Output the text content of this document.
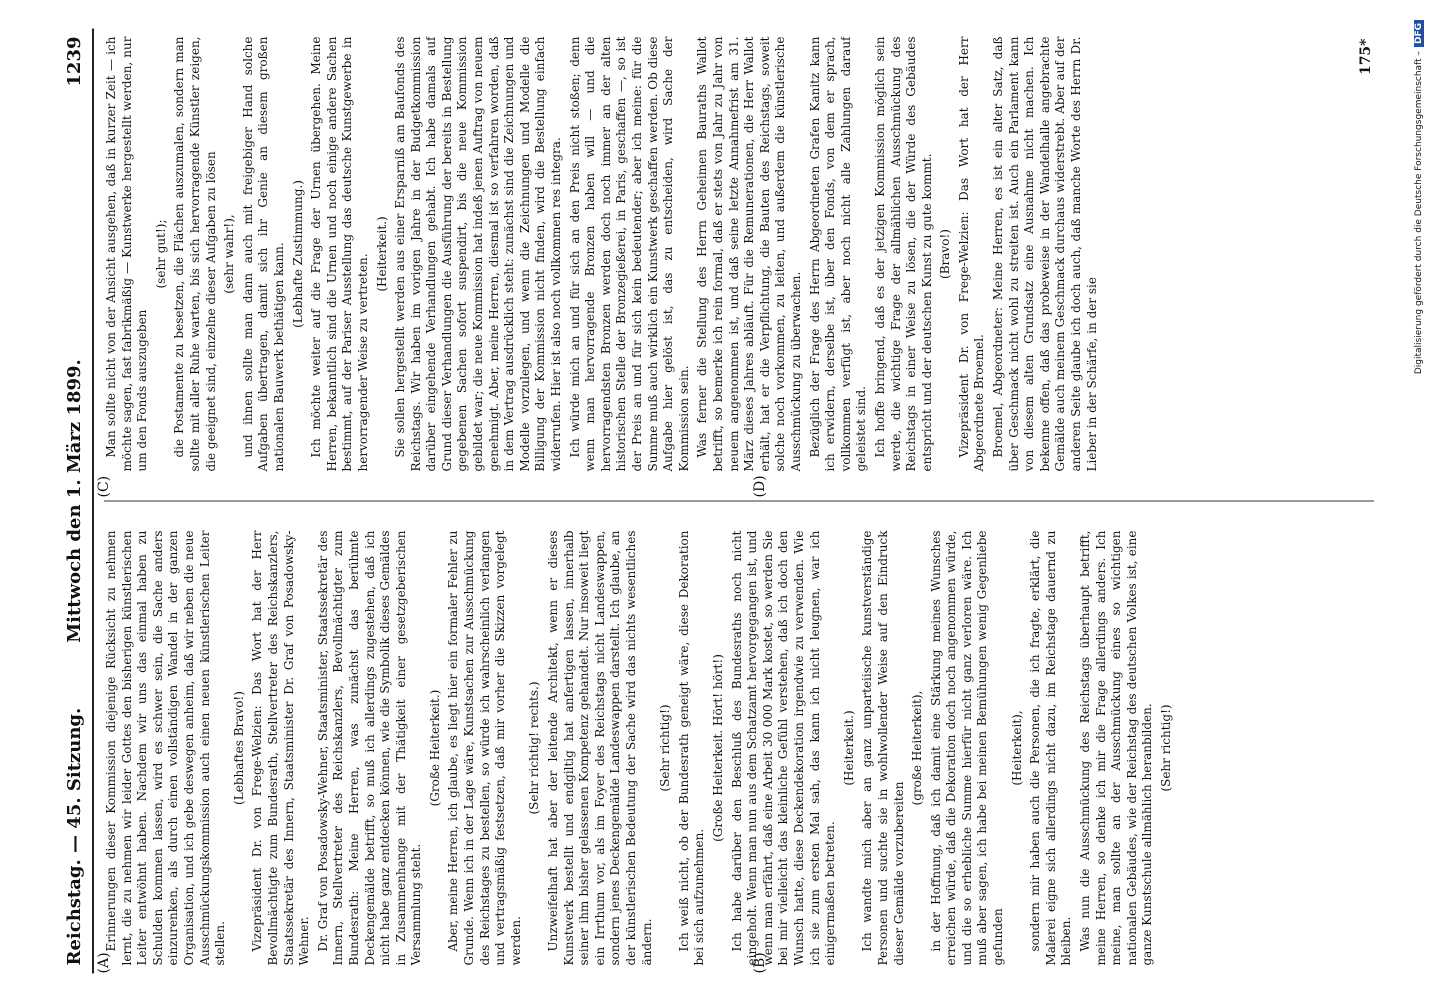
Reichstag. — 45. Sitzung.
Mittwoch den 1. März 1899.
1239
(A)	(B)
(C)	(D)

Erinnerungen dieser Kommission diejenige Rücksicht zu nehmen lernt, die zu nehmen wir leider Gottes den bisherigen künstlerischen Leiter entwöhnt haben. Nachdem wir uns das einmal haben zu Schulden kommen lassen, wird es schwer sein, die Sache anders einzurenken, als durch einen vollständigen Wandel in der ganzen Organisation, und ich gebe deswegen anheim, daß wir neben die neue Ausschmückungskommission auch einen neuen künstlerischen Leiter stellen.

(Lebhaftes Bravo!) Vizepräsident Dr. von Frege-Welzien: Das Wort hat der Herr Bevollmächtigte zum Bundesrath, Stellvertreter des Reichskanzlers, Staatssekretär des Innern, Staatsminister Dr. Graf von Posadowsky-Wehner. Dr. Graf von Posadowsky-Wehner, Staatsminister, Staatssekretär des Innern, Stellvertreter des Reichskanzlers, Bevollmächtigter zum Bundesrath: Meine Herren, was zunächst das berühmte Deckengemälde betrifft, so muß ich allerdings zugestehen, daß ich nicht habe ganz entdecken können, wie die Symbolik dieses Gemäldes in Zusammenhange mit der Thätigkeit einer gesetzgeberischen Versammlung steht.

(Große Heiterkeit.) Aber, meine Herren, ich glaube, es liegt hier ein formaler Fehler zu Grunde. Wenn ich in der Lage wäre, Kunstsachen zur Ausschmückung des Reichstages zu bestellen, so würde ich wahrscheinlich verlangen und vertragsmäßig festsetzen, daß mir vorher die Skizzen vorgelegt werden.

(Sehr richtig! rechts.) Unzweifelhaft hat aber der leitende Architekt, wenn er dieses Kunstwerk bestellt und endgiltig hat anfertigen lassen, innerhalb seiner ihm bisher gelassenen Kompetenz gehandelt. Nur insoweit liegt ein Irrthum vor, als im Foyer des Reichstags nicht Landeswappen, sondern jenes Deckengemälde Landeswappen darstellt. Ich glaube, an der künstlerischen Bedeutung der Sache wird das nichts wesentliches ändern.

(Sehr richtig!) Ich weiß nicht, ob der Bundesrath geneigt wäre, diese Dekoration bei sich aufzunehmen.

(Große Heiterkeit. Hört! hört!) Ich habe darüber den Beschluß des Bundesraths noch nicht eingeholt. Wenn man nun aus dem Schatzamt hervorgegangen ist, und wenn man erfährt, daß eine Arbeit 30 000 Mark kostet, so werden Sie bei mir vielleicht das kleinliche Gefühl verstehen, daß ich doch den Wunsch hatte, diese Deckendekoration irgendwie zu verwenden. Wie ich sie zum ersten Mal sah, das kann ich nicht leugnen, war ich einigermaßen betreten.

(Heiterkeit.) Ich wandte mich aber an ganz unparteiische kunstverständige Personen und suchte sie in wohlwollender Weise auf den Eindruck dieser Gemälde vorzubereiten

(große Heiterkeit), in der Hoffnung, daß ich damit eine Stärkung meines Wunsches erreichen würde, daß die Dekoration doch noch angenommen würde, und die so erhebliche Summe hierfür nicht ganz verloren wäre. Ich muß aber sagen, ich habe bei meinen Bemühungen wenig Gegenliebe gefunden

(Heiterkeit), sondern mir haben auch die Personen, die ich fragte, erklärt, die Malerei eigne sich allerdings nicht dazu, im Reichstage dauernd zu bleiben. Was nun die Ausschmückung des Reichstags überhaupt betrifft, meine Herren, so denke ich mir die Frage allerdings anders. Ich meine, man sollte an der Ausschmückung eines so wichtigen nationalen Gebäudes, wie der Reichstag des deutschen Volkes ist, eine ganze Kunstschule allmählich heranbilden. (Sehr richtig!)

Man sollte nicht von der Ansicht ausgehen, daß in kurzer Zeit — ich möchte sagen, fast fabrikmäßig — Kunstwerke hergestellt werden, nur um den Fonds auszugeben

(sehr gut!); die Postamente zu besetzen, die Flächen auszumalen, sondern man sollte mit aller Ruhe warten, bis sich hervorragende Künstler zeigen, die geeignet sind, einzelne dieser Aufgaben zu lösen (sehr wahr!), und ihnen sollte man dann auch mit freigebiger Hand solche Aufgaben übertragen, damit sich ihr Genie an diesem großen nationalen Bauwerk bethätigen kann. (Lebhafte Zustimmung.) Ich möchte weiter auf die Frage der Urnen übergehen. Meine Herren, bekanntlich sind die Urnen und noch einige andere Sachen bestimmt, auf der Pariser Ausstellung das deutsche Kunstgewerbe in hervorragender Weise zu vertreten. (Heiterkeit.) Sie sollen hergestellt werden aus einer Ersparniß am Baufonds des Reichstags. Wir haben im vorigen Jahre in der Budgetkommission darüber eingehende Verhandlungen gehabt. Ich habe damals auf Grund dieser Verhandlungen die Ausführung der bereits in Bestellung gegebenen Sachen sofort suspendirt, bis die neue Kommission gebildet war; die neue Kommission hat indeß jenen Auftrag von neuem genehmigt. Aber, meine Herren, diesmal ist so verfahren worden, daß in dem Vertrag ausdrücklich steht: zunächst sind die Zeichnungen und Modelle vorzulegen, und wenn die Zeichnungen und Modelle die Billigung der Kommission nicht finden, wird die Bestellung einfach widerrufen. Hier ist also noch vollkommen res integra. Ich würde mich an und für sich an den Preis nicht stoßen; denn wenn man hervorragende Bronzen haben will — und die hervorragendsten Bronzen werden doch noch immer an der alten historischen Stelle der Bronzegießerei, in Paris, geschaffen —, so ist der Preis an und für sich kein bedeutender; aber ich meine: für die Summe muß auch wirklich ein Kunstwerk geschaffen werden. Ob diese Aufgabe hier gelöst ist, das zu entscheiden, wird Sache der Kommission sein. Was ferner die Stellung des Herrn Geheimen Bauraths Wallot betrifft, so bemerke ich rein formal, daß er stets von Jahr zu Jahr von neuem angenommen ist, und daß seine letzte Annahmefrist am 31. März dieses Jahres abläuft. Für die Remunerationen, die Herr Wallot erhält, hat er die Verpflichtung, die Bauten des Reichstags, soweit solche noch vorkommen, zu leiten, und außerdem die künstlerische Ausschmückung zu überwachen. Bezüglich der Frage des Herrn Abgeordneten Grafen Kanitz kann ich erwidern, derselbe ist, über den Fonds, von dem er sprach, vollkommen verfügt ist, aber noch nicht alle Zahlungen darauf geleistet sind. Ich hoffe bringend, daß es der jetzigen Kommission möglich sein werde, die wichtige Frage der allmählichen Ausschmückung des Reichstags in einer Weise zu lösen, die der Würde des Gebäudes entspricht und der deutschen Kunst zu gute kommt. (Bravo!) Vizepräsident Dr. von Frege-Welzien: Das Wort hat der Herr Abgeordnete Broemel. Broemel, Abgeordneter: Meine Herren, es ist ein alter Satz, daß über Geschmack nicht wohl zu streiten ist. Auch ein Parlament kann von diesem alten Grundsatz eine Ausnahme nicht machen. Ich bekenne offen, daß das probeweise in der Wandelhalle angebrachte Gemälde auch meinem Geschmack durchaus widerstrebt. Aber auf der anderen Seite glaube ich doch auch, daß manche Worte des Herrn Dr. Lieber in der Schärfe, in der sie

175*	Digitalisierung gefördert durch die Deutsche Forschungsgemeinschaft –DFG
